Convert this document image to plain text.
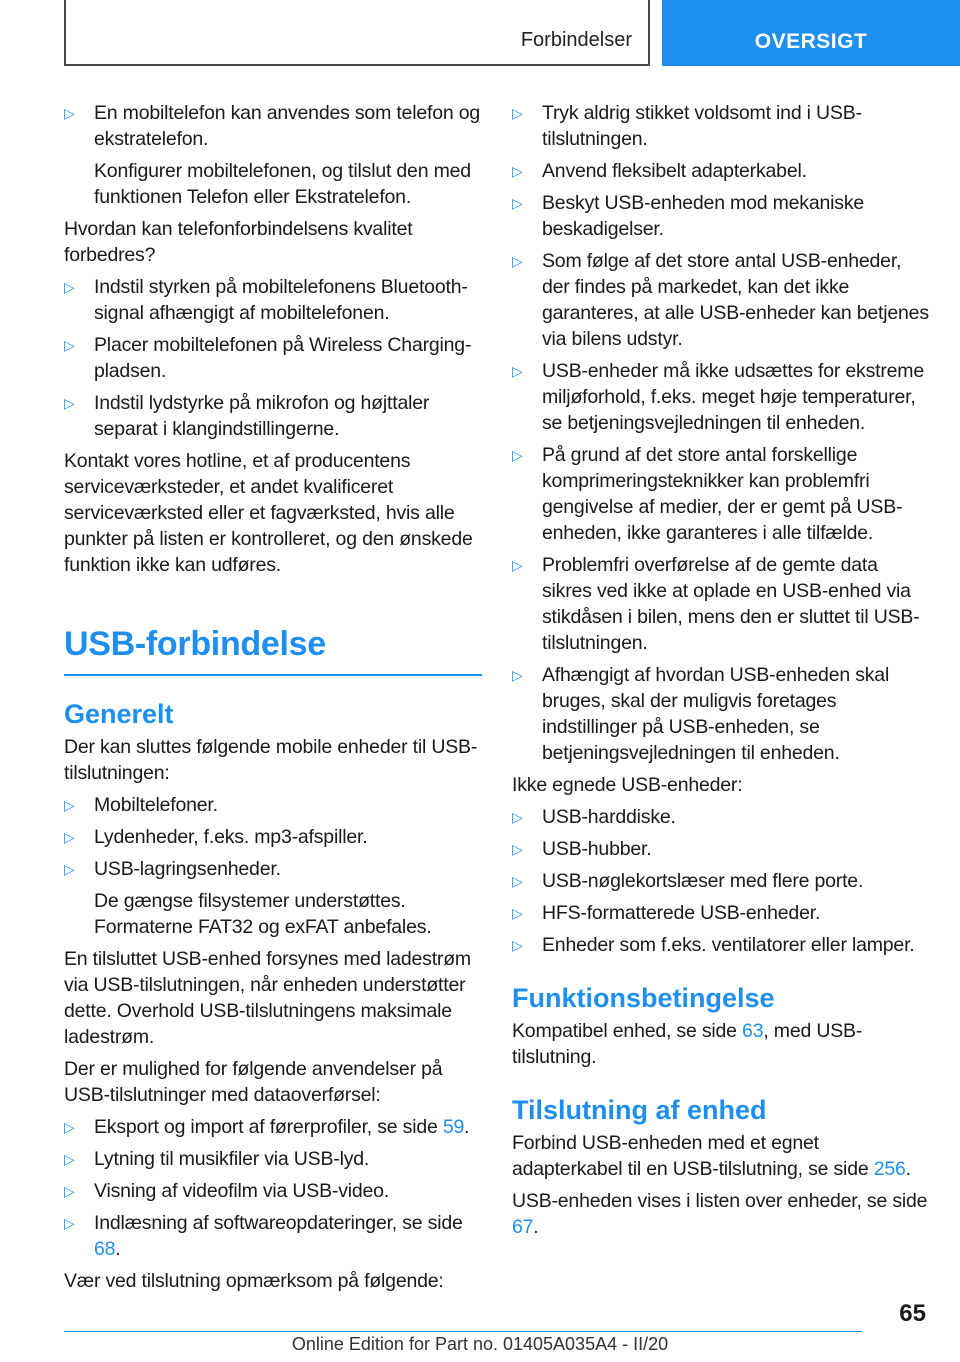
Forbindelser	OVERSIGT
▷ En mobiltelefon kan anvendes som telefon og ekstratelefon.

Konfigurer mobiltelefonen, og tilslut den med funktionen Telefon eller Ekstratelefon.

Hvordan kan telefonforbindelsens kvalitet forbedres?

▷ Indstil styrken på mobiltelefonens Bluetooth-signal afhængigt af mobiltelefonen.
▷ Placer mobiltelefonen på Wireless Charging-pladsen.
▷ Indstil lydstyrke på mikrofon og højttaler separat i klangindstillingerne.

Kontakt vores hotline, et af producentens serviceværksteder, et andet kvalificeret serviceværksted eller et fagværksted, hvis alle punkter på listen er kontrolleret, og den ønskede funktion ikke kan udføres.

USB-forbindelse
Generelt

Der kan sluttes følgende mobile enheder til USB-tilslutningen:

▷ Mobiltelefoner.
▷ Lydenheder, f.eks. mp3-afspiller.
▷ USB-lagringsenheder.

De gængse filsystemer understøttes. Formaterne FAT32 og exFAT anbefales.

En tilsluttet USB-enhed forsynes med ladestrøm via USB-tilslutningen, når enheden understøtter dette. Overhold USB-tilslutningens maksimale ladestrøm.

Der er mulighed for følgende anvendelser på USB-tilslutninger med dataoverførsel:

▷ Eksport og import af førerprofiler, se side 59.
▷ Lytning til musikfiler via USB-lyd.
▷ Visning af videofilm via USB-video.
▷ Indlæsning af softwareopdateringer, se side 68.

Vær ved tilslutning opmærksom på følgende:

▷ Tryk aldrig stikket voldsomt ind i USB-tilslutningen.
▷ Anvend fleksibelt adapterkabel.
▷ Beskyt USB-enheden mod mekaniske beskadigelser.
▷ Som følge af det store antal USB-enheder, der findes på markedet, kan det ikke garanteres, at alle USB-enheder kan betjenes via bilens udstyr.
▷ USB-enheder må ikke udsættes for ekstreme miljøforhold, f.eks. meget høje temperaturer, se betjeningsvejledningen til enheden.
▷ På grund af det store antal forskellige komprimeringsteknikker kan problemfri gengivelse af medier, der er gemt på USB-enheden, ikke garanteres i alle tilfælde.
▷ Problemfri overførelse af de gemte data sikres ved ikke at oplade en USB-enhed via stikdåsen i bilen, mens den er sluttet til USB-tilslutningen.
▷ Afhængigt af hvordan USB-enheden skal bruges, skal der muligvis foretages indstillinger på USB-enheden, se betjeningsvejledningen til enheden.

Ikke egnede USB-enheder:

▷ USB-harddiske.
▷ USB-hubber.
▷ USB-nøglekortslæser med flere porte.
▷ HFS-formatterede USB-enheder.
▷ Enheder som f.eks. ventilatorer eller lamper.
Funktionsbetingelse

Kompatibel enhed, se side 63, med USB-tilslutning.

Tilslutning af enhed

Forbind USB-enheden med et egnet adapterkabel til en USB-tilslutning, se side 256.

USB-enheden vises i listen over enheder, se side 67.

65
Online Edition for Part no. 01405A035A4 - II/20
